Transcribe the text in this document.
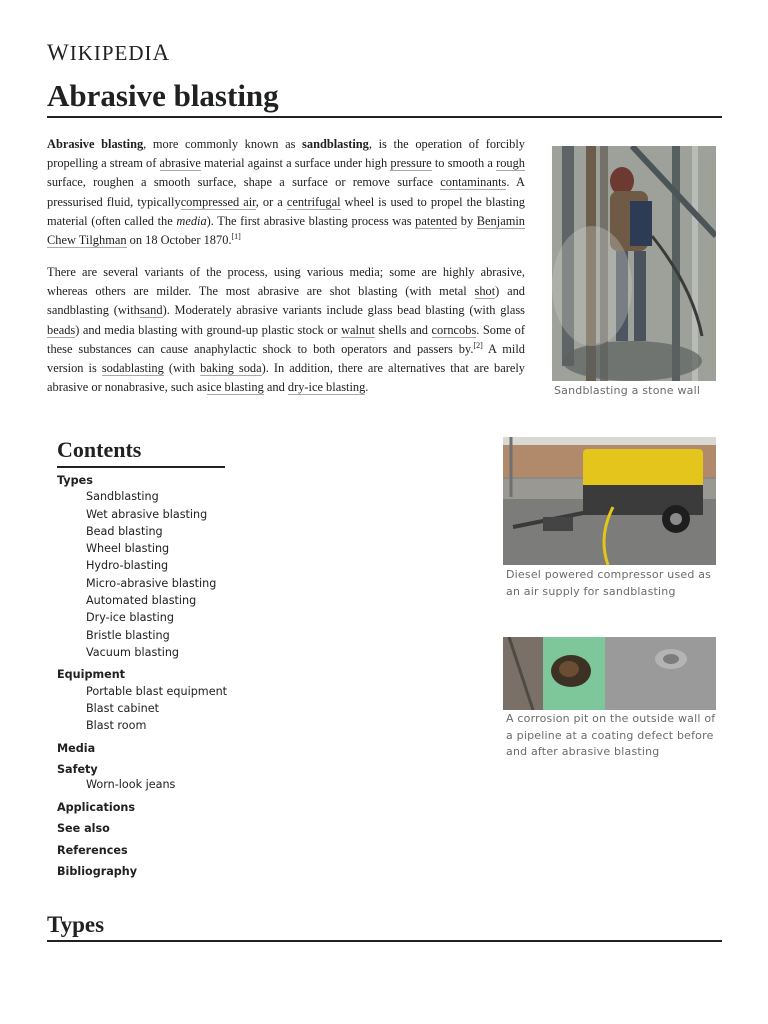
WIKIPEDIA
Abrasive blasting
Abrasive blasting, more commonly known as sandblasting, is the operation of forcibly propelling a stream of abrasive material against a surface under high pressure to smooth a rough surface, roughen a smooth surface, shape a surface or remove surface contaminants. A pressurised fluid, typicallycompressed air, or a centrifugal wheel is used to propel the blasting material (often called the media). The first abrasive blasting process was patented by Benjamin Chew Tilghman on 18 October 1870.[1]
There are several variants of the process, using various media; some are highly abrasive, whereas others are milder. The most abrasive are shot blasting (with metal shot) and sandblasting (withsand). Moderately abrasive variants include glass bead blasting (with glass beads) and media blasting with ground-up plastic stock or walnut shells and corncobs. Some of these substances can cause anaphylactic shock to both operators and passers by.[2] A mild version is sodablasting (with baking soda). In addition, there are alternatives that are barely abrasive or nonabrasive, such asice blasting and dry-ice blasting.	Sandblasting a stone wall
Diesel powered compressor used as
an air supply for sandblasting
A corrosion pit on the outside wall of
a pipeline at a coating defect before
and after abrasive blasting
Contents
Types
Sandblasting
Wet abrasive blasting
Bead blasting
Wheel blasting
Hydro-blasting
Micro-abrasive blasting
Automated blasting
Dry-ice blasting
Bristle blasting
Vacuum blasting
Equipment
Portable blast equipment
Blast cabinet
Blast room
Media
Safety
Worn-look jeans
Applications
See also
References
Bibliography
Types
